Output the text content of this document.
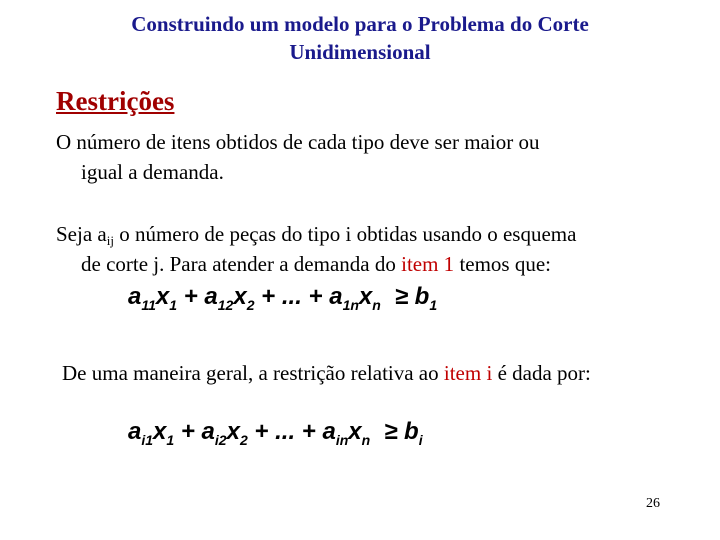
Construindo um modelo para o Problema do Corte
Unidimensional
Restrições
O número de itens obtidos de cada tipo deve ser maior ou
igual a demanda.
Seja $a_{ij}$ o número de peças do tipo i obtidas usando o esquema
de corte j. Para atender a demanda do item 1 temos que:
$a_{11}x_1 + a_{12}x_2$ + ... + $a_{1n}x_n \ge b_1$
De uma maneira geral, a restrição relativa ao item i é dada por:
$a_{i1}x_1 + a_{i2}x_2$ + ... + $a_{in}x_n \ge b_i$
26
